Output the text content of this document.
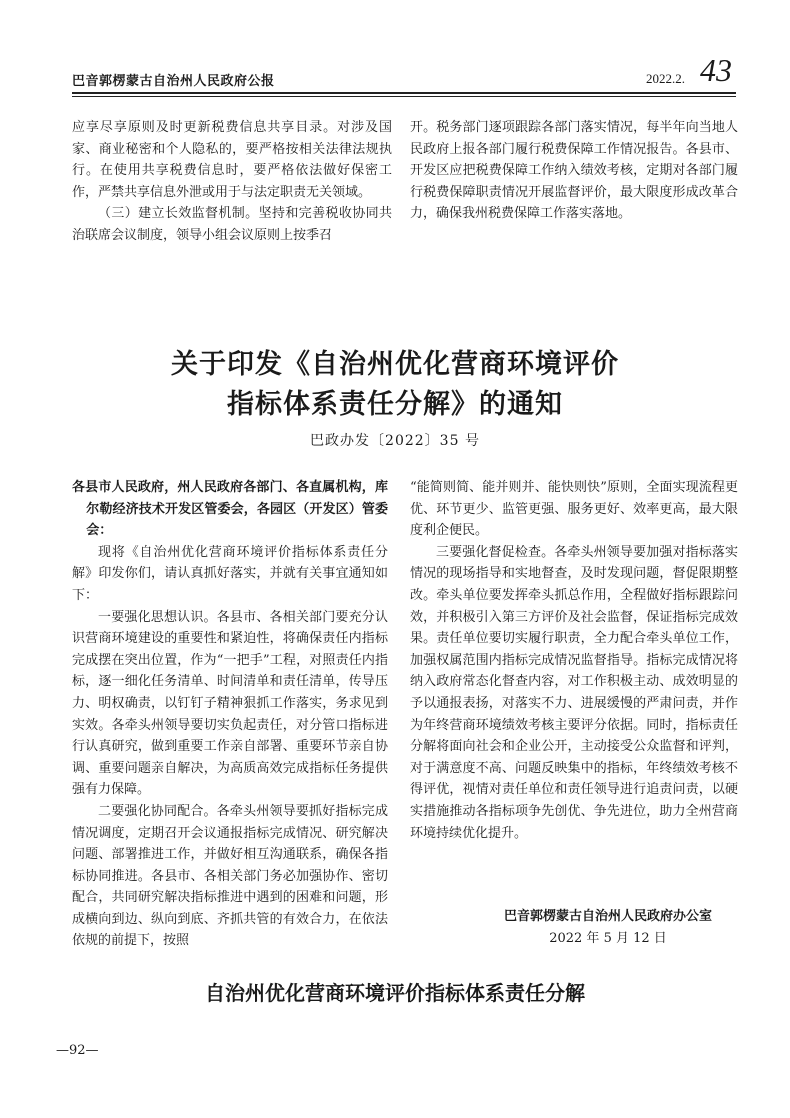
巴音郭楞蒙古自治州人民政府公报	2022.2. 43

应享尽享原则及时更新税费信息共享目录。对涉及国家、商业秘密和个人隐私的，要严格按相关法律法规执行。在使用共享税费信息时，要严格依法做好保密工作，严禁共享信息外泄或用于与法定职责无关领域。

（三）建立长效监督机制。坚持和完善税收协同共治联席会议制度，领导小组会议原则上按季召

开。税务部门逐项跟踪各部门落实情况，每半年向当地人民政府上报各部门履行税费保障工作情况报告。各县市、开发区应把税费保障工作纳入绩效考核，定期对各部门履行税费保障职责情况开展监督评价，最大限度形成改革合力，确保我州税费保障工作落实落地。

关于印发《自治州优化营商环境评价
指标体系责任分解》的通知
巴政办发〔2022〕35 号

各县市人民政府，州人民政府各部门、各直属机构，库尔勒经济技术开发区管委会，各园区（开发区）管委会：

现将《自治州优化营商环境评价指标体系责任分解》印发你们，请认真抓好落实，并就有关事宜通知如下：

一要强化思想认识。各县市、各相关部门要充分认识营商环境建设的重要性和紧迫性，将确保责任内指标完成摆在突出位置，作为“一把手”工程，对照责任内指标，逐一细化任务清单、时间清单和责任清单，传导压力、明权确责，以钉钉子精神狠抓工作落实，务求见到实效。各牵头州领导要切实负起责任，对分管口指标进行认真研究，做到重要工作亲自部署、重要环节亲自协调、重要问题亲自解决，为高质高效完成指标任务提供强有力保障。

二要强化协同配合。各牵头州领导要抓好指标完成情况调度，定期召开会议通报指标完成情况、研究解决问题、部署推进工作，并做好相互沟通联系，确保各指标协同推进。各县市、各相关部门务必加强协作、密切配合，共同研究解决指标推进中遇到的困难和问题，形成横向到边、纵向到底、齐抓共管的有效合力，在依法依规的前提下，按照

“能简则简、能并则并、能快则快”原则，全面实现流程更优、环节更少、监管更强、服务更好、效率更高，最大限度利企便民。

三要强化督促检查。各牵头州领导要加强对指标落实情况的现场指导和实地督查，及时发现问题，督促限期整改。牵头单位要发挥牵头抓总作用，全程做好指标跟踪问效，并积极引入第三方评价及社会监督，保证指标完成效果。责任单位要切实履行职责，全力配合牵头单位工作，加强权属范围内指标完成情况监督指导。指标完成情况将纳入政府常态化督查内容，对工作积极主动、成效明显的予以通报表扬，对落实不力、进展缓慢的严肃问责，并作为年终营商环境绩效考核主要评分依据。同时，指标责任分解将面向社会和企业公开，主动接受公众监督和评判，对于满意度不高、问题反映集中的指标，年终绩效考核不得评优，视情对责任单位和责任领导进行追责问责，以硬实措施推动各指标项争先创优、争先进位，助力全州营商环境持续优化提升。

巴音郭楞蒙古自治州人民政府办公室
2022 年 5 月 12 日
自治州优化营商环境评价指标体系责任分解
—92—
